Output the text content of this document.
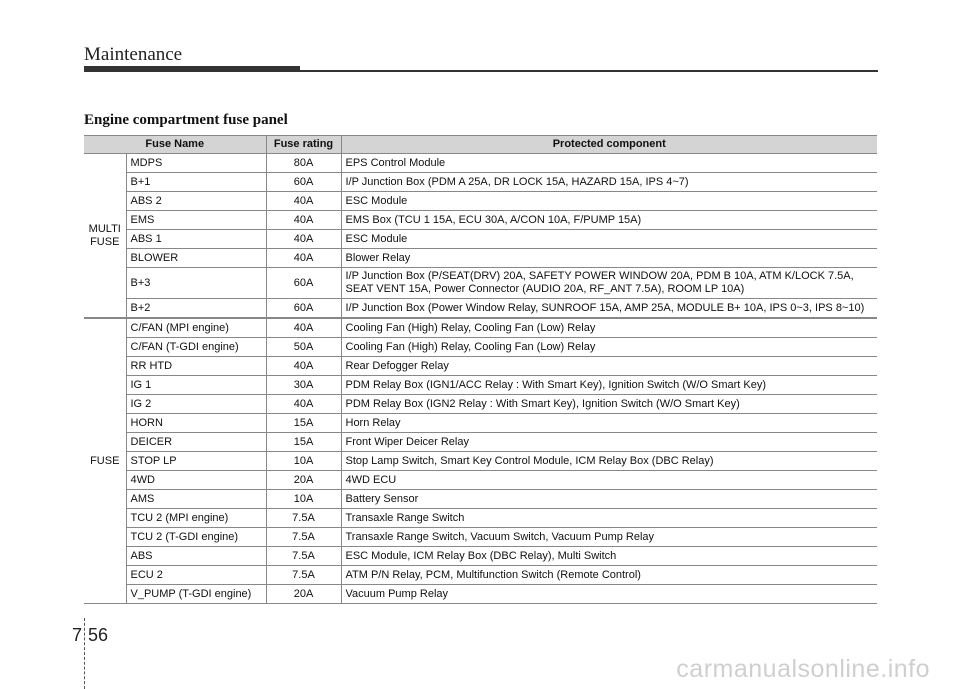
Maintenance
Engine compartment fuse panel
Fuse Name		Fuse rating	Protected component
MULTI FUSE	MDPS	80A	EPS Control Module
	B+1	60A	I/P Junction Box (PDM A 25A, DR LOCK 15A, HAZARD 15A, IPS 4~7)
	ABS 2	40A	ESC Module
	EMS	40A	EMS Box (TCU 1 15A, ECU 30A, A/CON 10A, F/PUMP 15A)
	ABS 1	40A	ESC Module
	BLOWER	40A	Blower Relay
	B+3	60A	I/P Junction Box (P/SEAT(DRV) 20A, SAFETY POWER WINDOW 20A, PDM B 10A, ATM K/LOCK 7.5A, SEAT VENT 15A, Power Connector (AUDIO 20A, RF_ANT 7.5A), ROOM LP 10A)
	B+2	60A	I/P Junction Box (Power Window Relay, SUNROOF 15A, AMP 25A, MODULE B+ 10A, IPS 0~3, IPS 8~10)
FUSE	C/FAN (MPI engine)	40A	Cooling Fan (High) Relay, Cooling Fan (Low) Relay
	C/FAN (T-GDI engine)	50A	Cooling Fan (High) Relay, Cooling Fan (Low) Relay
	RR HTD	40A	Rear Defogger Relay
	IG 1	30A	PDM Relay Box (IGN1/ACC Relay : With Smart Key), Ignition Switch (W/O Smart Key)
	IG 2	40A	PDM Relay Box (IGN2 Relay : With Smart Key), Ignition Switch (W/O Smart Key)
	HORN	15A	Horn Relay
	DEICER	15A	Front Wiper Deicer Relay
	STOP LP	10A	Stop Lamp Switch, Smart Key Control Module, ICM Relay Box (DBC Relay)
	4WD	20A	4WD ECU
	AMS	10A	Battery Sensor
	TCU 2 (MPI engine)	7.5A	Transaxle Range Switch
	TCU 2 (T-GDI engine)	7.5A	Transaxle Range Switch, Vacuum Switch, Vacuum Pump Relay
	ABS	7.5A	ESC Module, ICM Relay Box (DBC Relay), Multi Switch
	ECU 2	7.5A	ATM P/N Relay, PCM, Multifunction Switch (Remote Control)
	V_PUMP (T-GDI engine)	20A	Vacuum Pump Relay
7 56
carmanualsonline.info
